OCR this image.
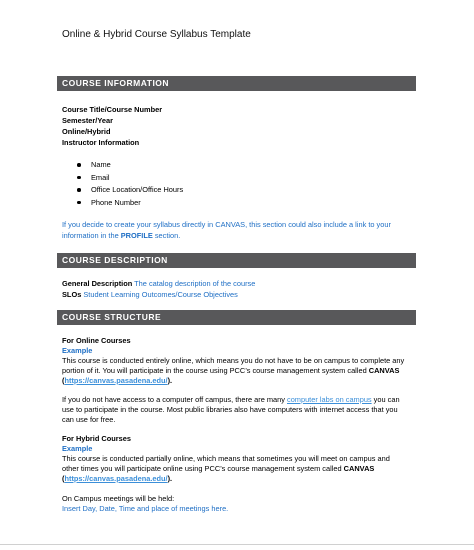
Online & Hybrid Course Syllabus Template
COURSE INFORMATION
Course Title/Course Number
Semester/Year
Online/Hybrid
Instructor Information
Name
Email
Office Location/Office Hours
Phone Number
If you decide to create your syllabus directly in CANVAS, this section could also include a link to your
information in the PROFILE section.
COURSE DESCRIPTION
General Description The catalog description of the course
SLOs Student Learning Outcomes/Course Objectives
COURSE STRUCTURE
For Online Courses
Example
This course is conducted entirely online, which means you do not have to be on campus to complete any
portion of it. You will participate in the course using PCC’s course management system called CANVAS
(https://canvas.pasadena.edu/).
If you do not have access to a computer off campus, there are many computer labs on campus you can
use to participate in the course. Most public libraries also have computers with internet access that you
can use for free.
For Hybrid Courses
Example
This course is conducted partially online, which means that sometimes you will meet on campus and
other times you will participate online using PCC’s course management system called CANVAS
(https://canvas.pasadena.edu/).
On Campus meetings will be held:
Insert Day, Date, Time and place of meetings here.
